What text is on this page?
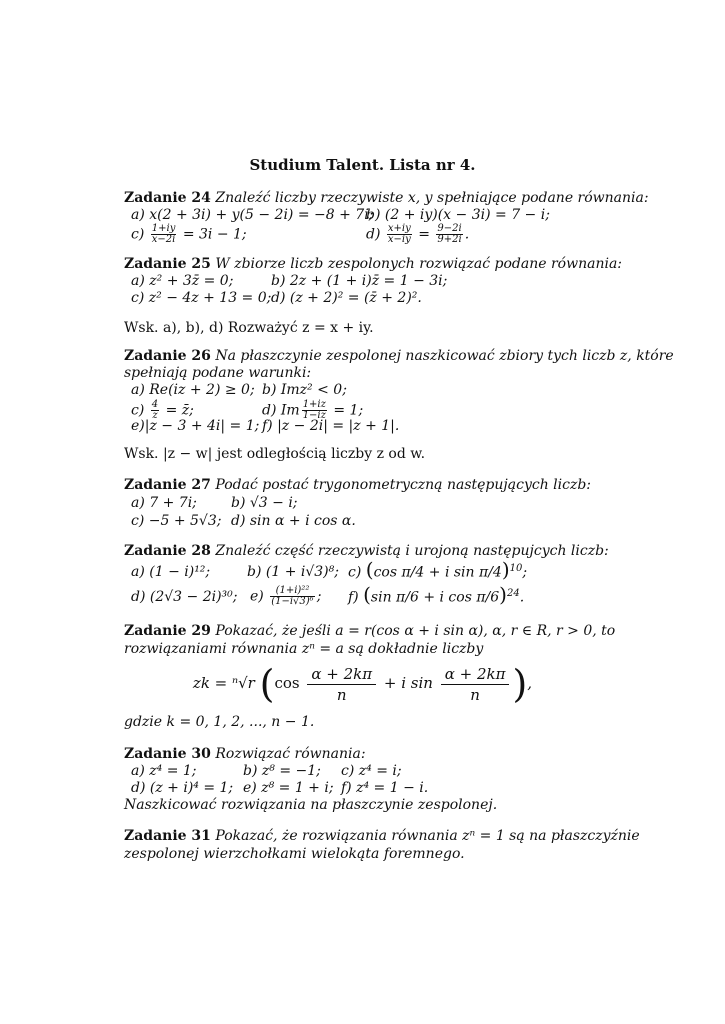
Studium Talent. Lista nr 4.
Zadanie 24 Znaleźć liczby rzeczywiste x, y spełniające podane równania:
a) x(2 + 3i) + y(5 − 2i) = −8 + 7i;
b) (2 + iy)(x − 3i) = 7 − i;
$c) \frac{1+iy}{x-2i} = 3i - 1$;	$d) \frac{x+iy}{x-iy} = \frac{9-2i}{9+2i}$ .
Zadanie 25 W zbiorze liczb zespolonych rozwiązać podane równania:
a) z² + 3z̄ = 0;	b) 2z + (1 + i)z̄ = 1 − 3i;
c) z² − 4z + 13 = 0; d) (z + 2)² = (z̄ + 2)².
Wsk. a), b), d) Rozważyć z = x + iy.
Zadanie 26 Na płaszczynie zespolonej naszkicować zbiory tych liczb z, które
spełniają podane warunki:
a) Re(iz + 2) ≥ 0; b) Imz² < 0;
$c) \frac{4}{z}$ = z̄;	d) Im $\frac{1+iz}{1-iz} = 1$;
e)|z − 3 + 4i| = 1; f) |z − 2i| = |z + 1|.
Wsk. |z − w| jest odległością liczby z od w.
Zadanie 27 Podać postać trygonometryczną następujących liczb:
a) 7 + 7i; b) √3 − i;
c) −5 + 5√3; d) sin α + i cos α.
Zadanie 28 Znaleźć część rzeczywistą i urojoną następujcych liczb:
a) (1 − i)¹²;	b) (1 + i√3)⁸; c) (cos π/4 + i sin π/4)$^{10}$;
d) (2√3 − 2i)³⁰; $e) \frac{\text{(1+i)²²}}{\text{(1−i√3)⁶}}$ ; f) (sin π/6 + i cos π/6)$^{24}$.
Zadanie 29 Pokazać, że jeśli a = r(cos α + i sin α), α, r ∈ R, r > 0, to
rozwiązaniami równania zⁿ = a są dokładnie liczby
zk = ⁿ√r ($\cos \frac{\alpha + 2k\pi}{n} + i$ $\sin \frac{\alpha + 2k\pi}{n}$ ),
gdzie k = 0, 1, 2, ..., n − 1.
Zadanie 30 Rozwiązać równania:
a) z⁴ = 1;	b) z⁸ = −1; c) z⁴ = i;
d) (z + i)⁴ = 1; e) z⁸ = 1 + i; f) z⁴ = 1 − i.
Naszkicować rozwiązania na płaszczynie zespolonej.
Zadanie 31 Pokazać, że rozwiązania równania zⁿ = 1 są na płaszczyźnie
zespolonej wierzchołkami wielokąta foremnego.
